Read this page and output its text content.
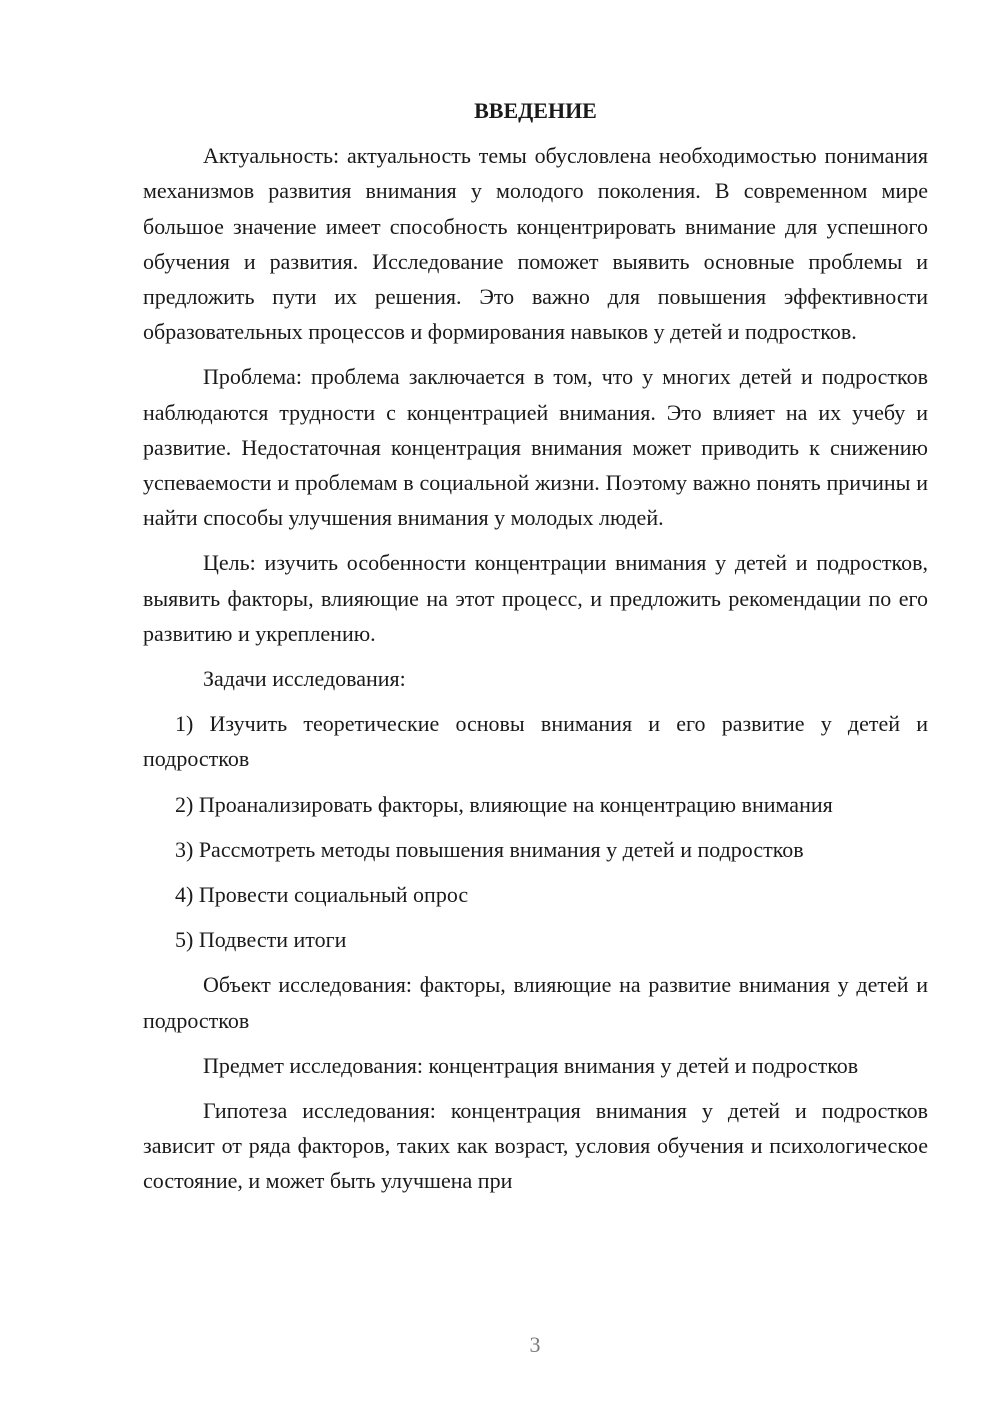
ВВЕДЕНИЕ

Актуальность: актуальность темы обусловлена необходимостью понимания механизмов развития внимания у молодого поколения. В современном мире большое значение имеет способность концентрировать внимание для успешного обучения и развития. Исследование поможет выявить основные проблемы и предложить пути их решения. Это важно для повышения эффективности образовательных процессов и формирования навыков у детей и подростков.

Проблема: проблема заключается в том, что у многих детей и подростков наблюдаются трудности с концентрацией внимания. Это влияет на их учебу и развитие. Недостаточная концентрация внимания может приводить к снижению успеваемости и проблемам в социальной жизни. Поэтому важно понять причины и найти способы улучшения внимания у молодых людей.

Цель: изучить особенности концентрации внимания у детей и подростков, выявить факторы, влияющие на этот процесс, и предложить рекомендации по его развитию и укреплению.

Задачи исследования:

1) Изучить теоретические основы внимания и его развитие у детей и подростков

2) Проанализировать факторы, влияющие на концентрацию внимания

3) Рассмотреть методы повышения внимания у детей и подростков

4) Провести социальный опрос

5) Подвести итоги

Объект исследования: факторы, влияющие на развитие внимания у детей и подростков

Предмет исследования: концентрация внимания у детей и подростков

Гипотеза исследования: концентрация внимания у детей и подростков зависит от ряда факторов, таких как возраст, условия обучения и психологическое состояние, и может быть улучшена при

3
